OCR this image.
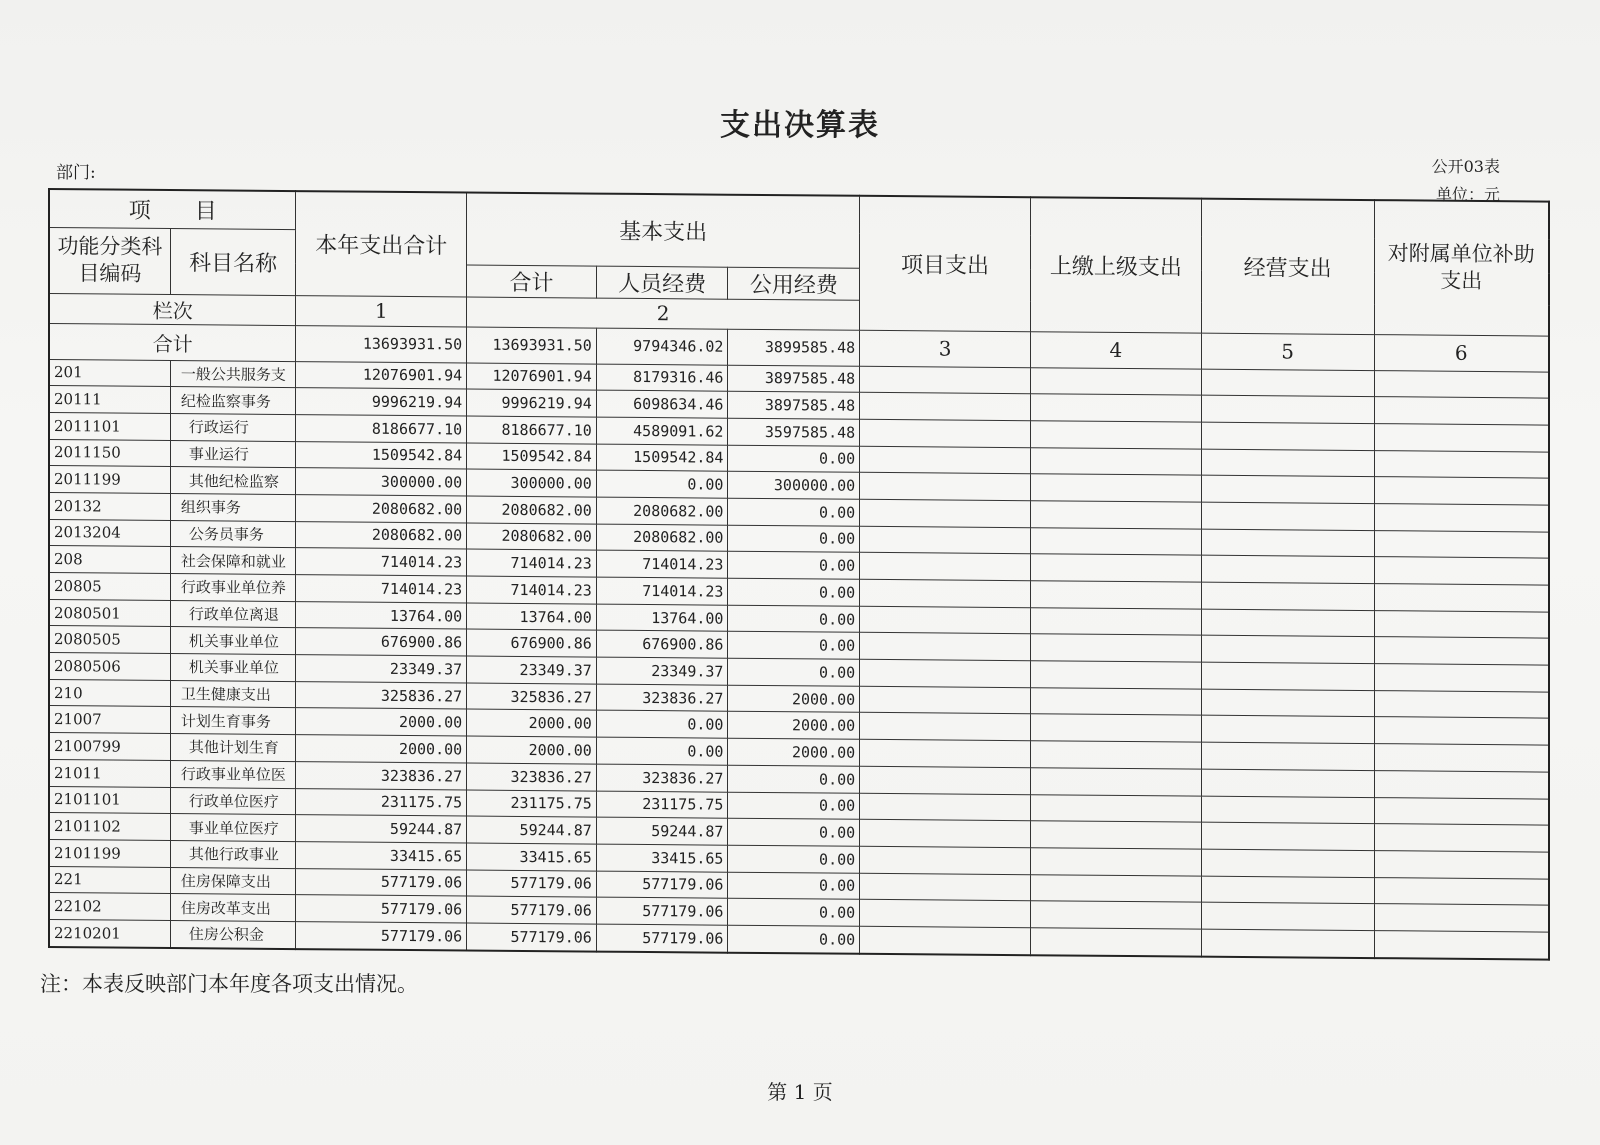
支出决算表
部门:	公开03表
单位：元
项　　目		本年支出合计	基本支出			项目支出	上缴上级支出	经营支出	对附属单位补助支出
功能分类科目编码	科目名称								
			合计	人员经费	公用经费				
栏次		1	2						
合计		13693931.50	13693931.50	9794346.02	3899585.48	3	4	5	6
201	一般公共服务支	12076901.94	12076901.94	8179316.46	3897585.48				
20111	纪检监察事务	9996219.94	9996219.94	6098634.46	3897585.48				
2011101	行政运行	8186677.10	8186677.10	4589091.62	3597585.48				
2011150	事业运行	1509542.84	1509542.84	1509542.84	0.00				
2011199	其他纪检监察	300000.00	300000.00	0.00	300000.00				
20132	组织事务	2080682.00	2080682.00	2080682.00	0.00				
2013204	公务员事务	2080682.00	2080682.00	2080682.00	0.00				
208	社会保障和就业	714014.23	714014.23	714014.23	0.00				
20805	行政事业单位养	714014.23	714014.23	714014.23	0.00				
2080501	行政单位离退	13764.00	13764.00	13764.00	0.00				
2080505	机关事业单位	676900.86	676900.86	676900.86	0.00				
2080506	机关事业单位	23349.37	23349.37	23349.37	0.00				
210	卫生健康支出	325836.27	325836.27	323836.27	2000.00				
21007	计划生育事务	2000.00	2000.00	0.00	2000.00				
2100799	其他计划生育	2000.00	2000.00	0.00	2000.00				
21011	行政事业单位医	323836.27	323836.27	323836.27	0.00				
2101101	行政单位医疗	231175.75	231175.75	231175.75	0.00				
2101102	事业单位医疗	59244.87	59244.87	59244.87	0.00				
2101199	其他行政事业	33415.65	33415.65	33415.65	0.00				
221	住房保障支出	577179.06	577179.06	577179.06	0.00				
22102	住房改革支出	577179.06	577179.06	577179.06	0.00				
2210201	住房公积金	577179.06	577179.06	577179.06	0.00				
注：本表反映部门本年度各项支出情况。
第 1 页
